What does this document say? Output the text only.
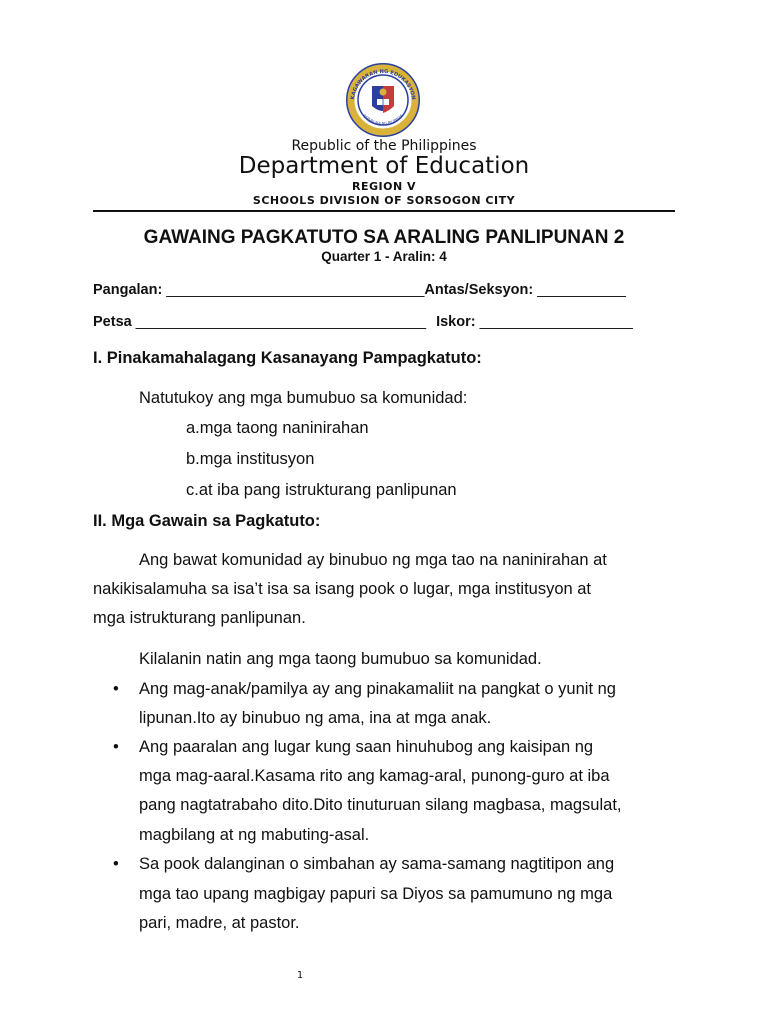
KAGAWARAN NG EDUKASYON
REPUBLIKA NG PILIPINAS
Republic of the Philippines
Department of Education
REGION V
SCHOOLS DIVISION OF SORSOGON CITY
GAWAING PAGKATUTO SA ARALING PANLIPUNAN 2
Quarter 1 - Aralin: 4
Pangalan: ________________________________Antas/Seksyon: ___________
Petsa ____________________________________ Iskor: ___________________
I. Pinakamahalagang Kasanayang Pampagkatuto:
Natutukoy ang mga bumubuo sa komunidad:
a.mga taong naninirahan
b.mga institusyon
c.at iba pang istrukturang panlipunan
II. Mga Gawain sa Pagkatuto:
Ang bawat komunidad ay binubuo ng mga tao na naninirahan at
nakikisalamuha sa isa’t isa sa isang pook o lugar, mga institusyon at
mga istrukturang panlipunan.
Kilalanin natin ang mga taong bumubuo sa komunidad.
• Ang mag-anak/pamilya ay ang pinakamaliit na pangkat o yunit ng
lipunan.Ito ay binubuo ng ama, ina at mga anak.
• Ang paaralan ang lugar kung saan hinuhubog ang kaisipan ng
mga mag-aaral.Kasama rito ang kamag-aral, punong-guro at iba
pang nagtatrabaho dito.Dito tinuturuan silang magbasa, magsulat,
magbilang at ng mabuting-asal.
• Sa pook dalanginan o simbahan ay sama-samang nagtitipon ang
mga tao upang magbigay papuri sa Diyos sa pamumuno ng mga
pari, madre, at pastor.
1
